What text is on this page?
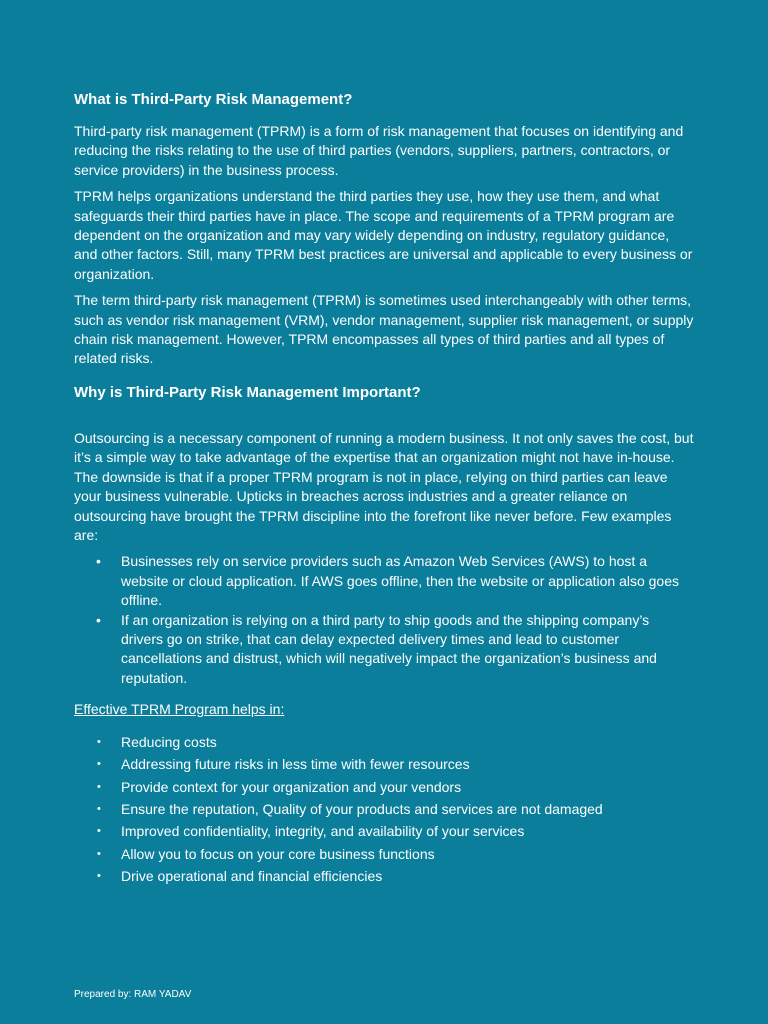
What is Third-Party Risk Management?

Third-party risk management (TPRM) is a form of risk management that focuses on identifying and reducing the risks relating to the use of third parties (vendors, suppliers, partners, contractors, or service providers) in the business process.

TPRM helps organizations understand the third parties they use, how they use them, and what safeguards their third parties have in place. The scope and requirements of a TPRM program are dependent on the organization and may vary widely depending on industry, regulatory guidance, and other factors. Still, many TPRM best practices are universal and applicable to every business or organization.

The term third-party risk management (TPRM) is sometimes used interchangeably with other terms, such as vendor risk management (VRM), vendor management, supplier risk management, or supply chain risk management. However, TPRM encompasses all types of third parties and all types of related risks.

Why is Third-Party Risk Management Important?

Outsourcing is a necessary component of running a modern business. It not only saves the cost, but it’s a simple way to take advantage of the expertise that an organization might not have in-house. The downside is that if a proper TPRM program is not in place, relying on third parties can leave your business vulnerable. Upticks in breaches across industries and a greater reliance on outsourcing have brought the TPRM discipline into the forefront like never before. Few examples are:

• Businesses rely on service providers such as Amazon Web Services (AWS) to host a website or cloud application. If AWS goes offline, then the website or application also goes offline.
• If an organization is relying on a third party to ship goods and the shipping company’s drivers go on strike, that can delay expected delivery times and lead to customer cancellations and distrust, which will negatively impact the organization’s business and reputation.
Effective TPRM Program helps in:
• Reducing costs
• Addressing future risks in less time with fewer resources
• Provide context for your organization and your vendors
• Ensure the reputation, Quality of your products and services are not damaged
• Improved confidentiality, integrity, and availability of your services
• Allow you to focus on your core business functions
• Drive operational and financial efficiencies
Prepared by: RAM YADAV
